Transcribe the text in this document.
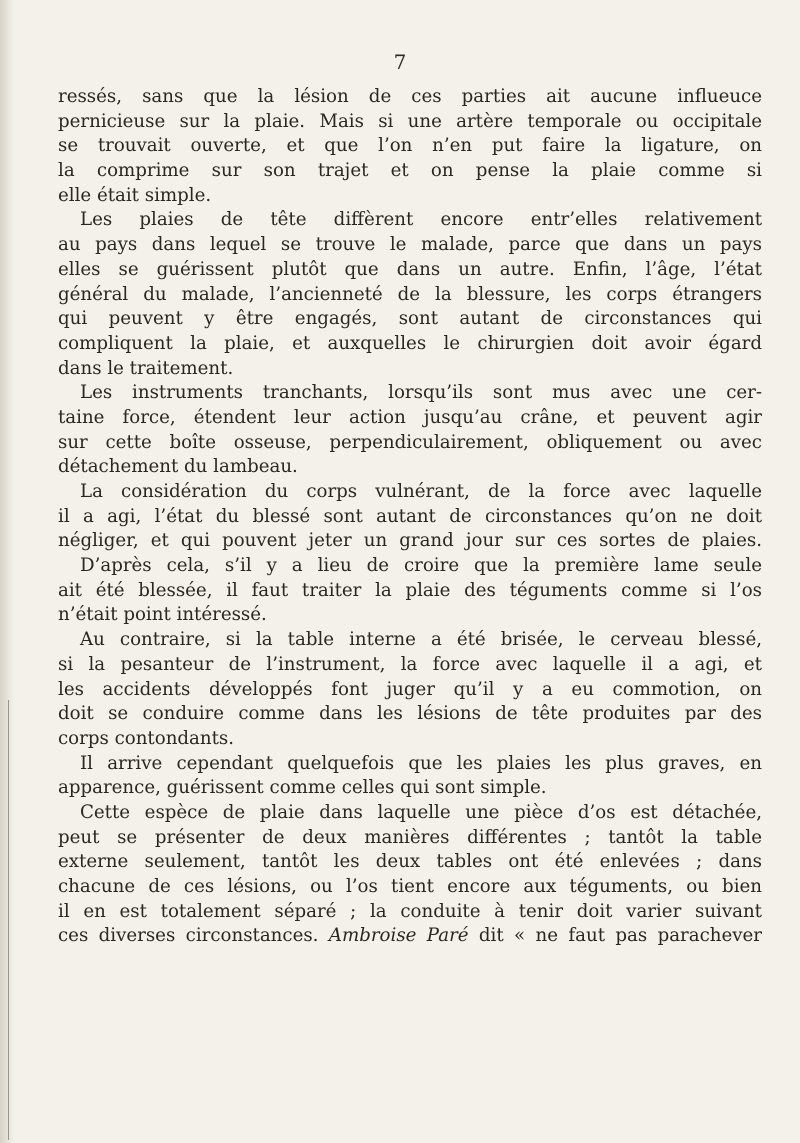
7
ressés, sans que la lésion de ces parties ait aucune influeuce
pernicieuse sur la plaie. Mais si une artère temporale ou occipitale
se trouvait ouverte, et que l’on n’en put faire la ligature, on
la comprime sur son trajet et on pense la plaie comme si
elle était simple.
Les plaies de tête diffèrent encore entr’elles relativement
au pays dans lequel se trouve le malade, parce que dans un pays
elles se guérissent plutôt que dans un autre. Enfin, l’âge, l’état
général du malade, l’ancienneté de la blessure, les corps étrangers
qui peuvent y être engagés, sont autant de circonstances qui
compliquent la plaie, et auxquelles le chirurgien doit avoir égard
dans le traitement.
Les instruments tranchants, lorsqu’ils sont mus avec une cer-
taine force, étendent leur action jusqu’au crâne, et peuvent agir
sur cette boîte osseuse, perpendiculairement, obliquement ou avec
détachement du lambeau.
La considération du corps vulnérant, de la force avec laquelle
il a agi, l’état du blessé sont autant de circonstances qu’on ne doit
négliger, et qui pouvent jeter un grand jour sur ces sortes de plaies.
D’après cela, s’il y a lieu de croire que la première lame seule
ait été blessée, il faut traiter la plaie des téguments comme si l’os
n’était point intéressé.
Au contraire, si la table interne a été brisée, le cerveau blessé,
si la pesanteur de l’instrument, la force avec laquelle il a agi, et
les accidents développés font juger qu’il y a eu commotion, on
doit se conduire comme dans les lésions de tête produites par des
corps contondants.
Il arrive cependant quelquefois que les plaies les plus graves, en
apparence, guérissent comme celles qui sont simple.
Cette espèce de plaie dans laquelle une pièce d’os est détachée,
peut se présenter de deux manières différentes ; tantôt la table
externe seulement, tantôt les deux tables ont été enlevées ; dans
chacune de ces lésions, ou l’os tient encore aux téguments, ou bien
il en est totalement séparé ; la conduite à tenir doit varier suivant
ces diverses circonstances. Ambroise Paré dit « ne faut pas parachever
